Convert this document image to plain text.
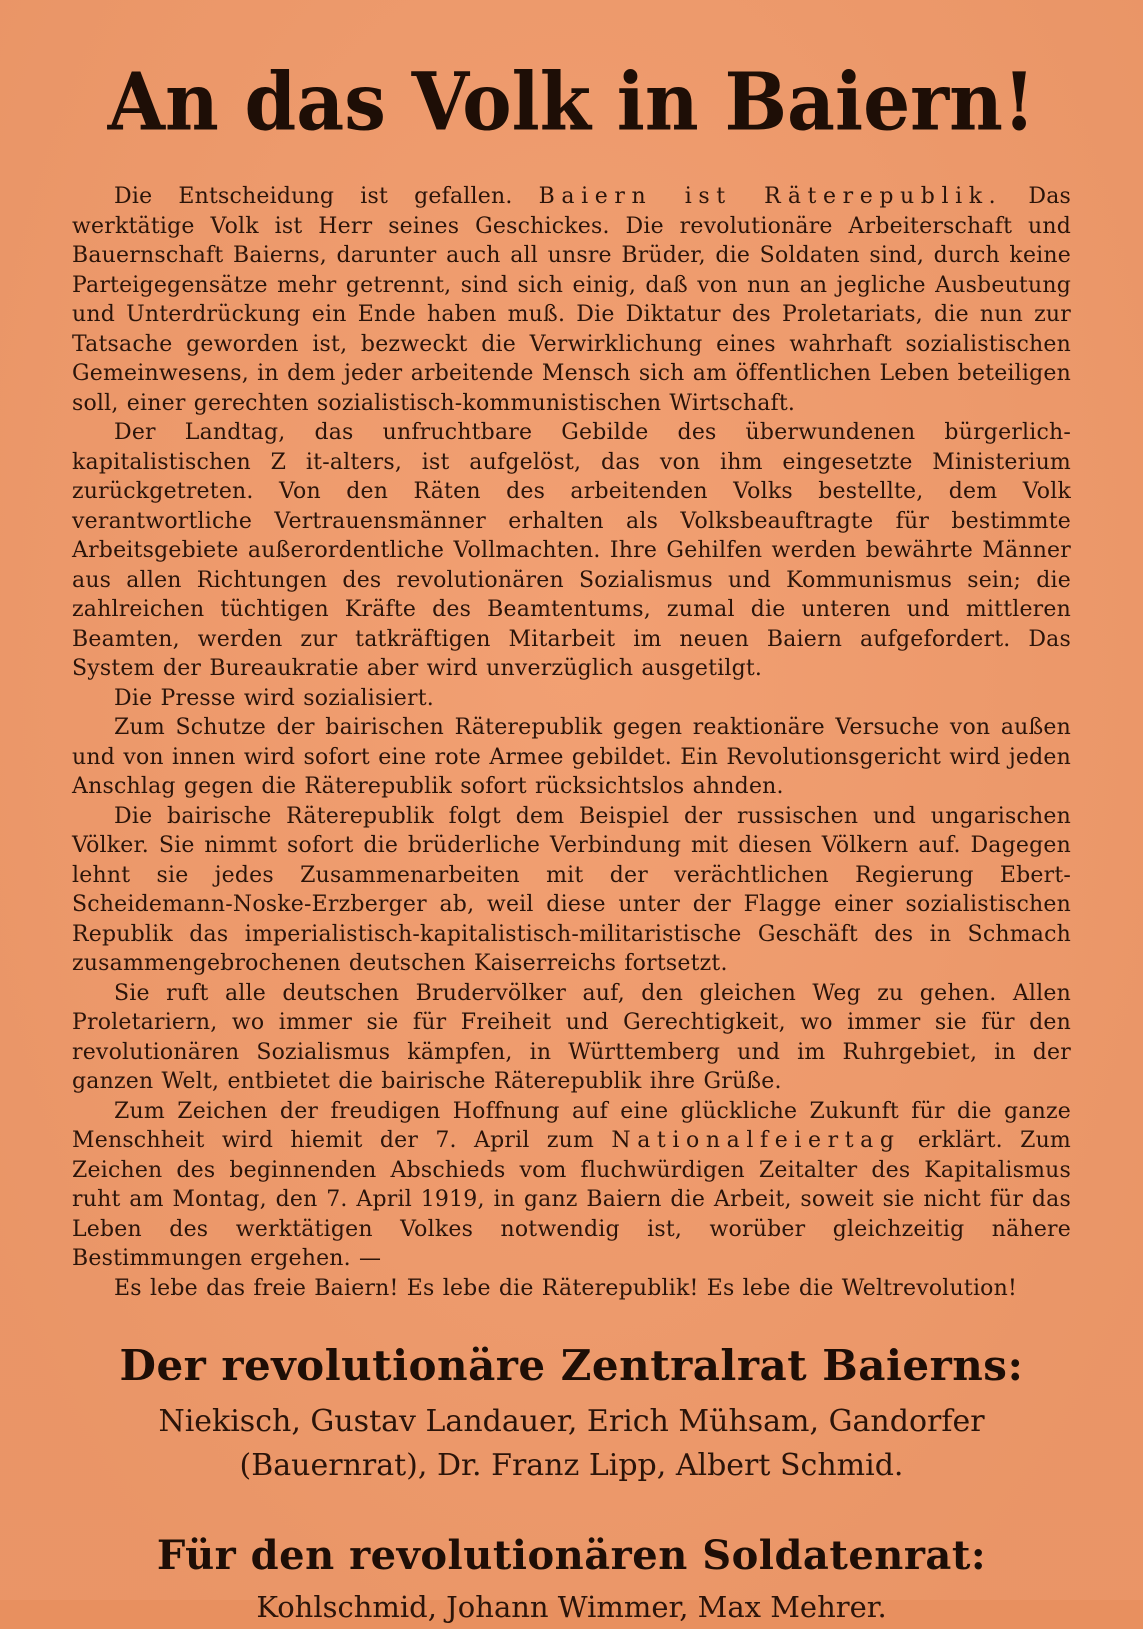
An das Volk in Baiern!

Die Entscheidung ist gefallen. Baiern ist Räterepublik. Das werktätige Volk ist Herr seines Geschickes. Die revolutionäre Arbeiterschaft und Bauernschaft Baierns, darunter auch all unsre Brüder, die Soldaten sind, durch keine Parteigegensätze mehr getrennt, sind sich einig, daß von nun an jegliche Ausbeutung und Unterdrückung ein Ende haben muß. Die Diktatur des Proletariats, die nun zur Tatsache geworden ist, bezweckt die Verwirklichung eines wahrhaft sozialistischen Gemeinwesens, in dem jeder arbeitende Mensch sich am öffentlichen Leben beteiligen soll, einer gerechten sozialistisch-kommunistischen Wirtschaft.

Der Landtag, das unfruchtbare Gebilde des überwundenen bürgerlich-kapitalistischen Z it-alters, ist aufgelöst, das von ihm eingesetzte Ministerium zurückgetreten. Von den Räten des arbeitenden Volks bestellte, dem Volk verantwortliche Vertrauensmänner erhalten als Volksbeauftragte für bestimmte Arbeitsgebiete außerordentliche Vollmachten. Ihre Gehilfen werden bewährte Männer aus allen Richtungen des revolutionären Sozialismus und Kommunismus sein; die zahlreichen tüchtigen Kräfte des Beamtentums, zumal die unteren und mittleren Beamten, werden zur tatkräftigen Mitarbeit im neuen Baiern aufgefordert. Das System der Bureaukratie aber wird unverzüglich ausgetilgt.

Die Presse wird sozialisiert.

Zum Schutze der bairischen Räterepublik gegen reaktionäre Versuche von außen und von innen wird sofort eine rote Armee gebildet. Ein Revolutionsgericht wird jeden Anschlag gegen die Räterepublik sofort rücksichtslos ahnden.

Die bairische Räterepublik folgt dem Beispiel der russischen und ungarischen Völker. Sie nimmt sofort die brüderliche Verbindung mit diesen Völkern auf. Dagegen lehnt sie jedes Zusammenarbeiten mit der verächtlichen Regierung Ebert-Scheidemann-Noske-Erzberger ab, weil diese unter der Flagge einer sozialistischen Republik das imperialistisch-kapitalistisch-militaristische Geschäft des in Schmach zusammengebrochenen deutschen Kaiserreichs fortsetzt.

Sie ruft alle deutschen Brudervölker auf, den gleichen Weg zu gehen. Allen Proletariern, wo immer sie für Freiheit und Gerechtigkeit, wo immer sie für den revolutionären Sozialismus kämpfen, in Württemberg und im Ruhrgebiet, in der ganzen Welt, entbietet die bairische Räterepublik ihre Grüße.

Zum Zeichen der freudigen Hoffnung auf eine glückliche Zukunft für die ganze Menschheit wird hiemit der 7. April zum Nationalfeiertag erklärt. Zum Zeichen des beginnenden Abschieds vom fluchwürdigen Zeitalter des Kapitalismus ruht am Montag, den 7. April 1919, in ganz Baiern die Arbeit, soweit sie nicht für das Leben des werktätigen Volkes notwendig ist, worüber gleichzeitig nähere Bestimmungen ergehen. —

Es lebe das freie Baiern! Es lebe die Räterepublik! Es lebe die Weltrevolution!

Der revolutionäre Zentralrat Baierns:
Niekisch, Gustav Landauer, Erich Mühsam, Gandorfer (Bauernrat), Dr. Franz Lipp, Albert Schmid.
Für den revolutionären Soldatenrat:
Kohlschmid, Johann Wimmer, Max Mehrer.
